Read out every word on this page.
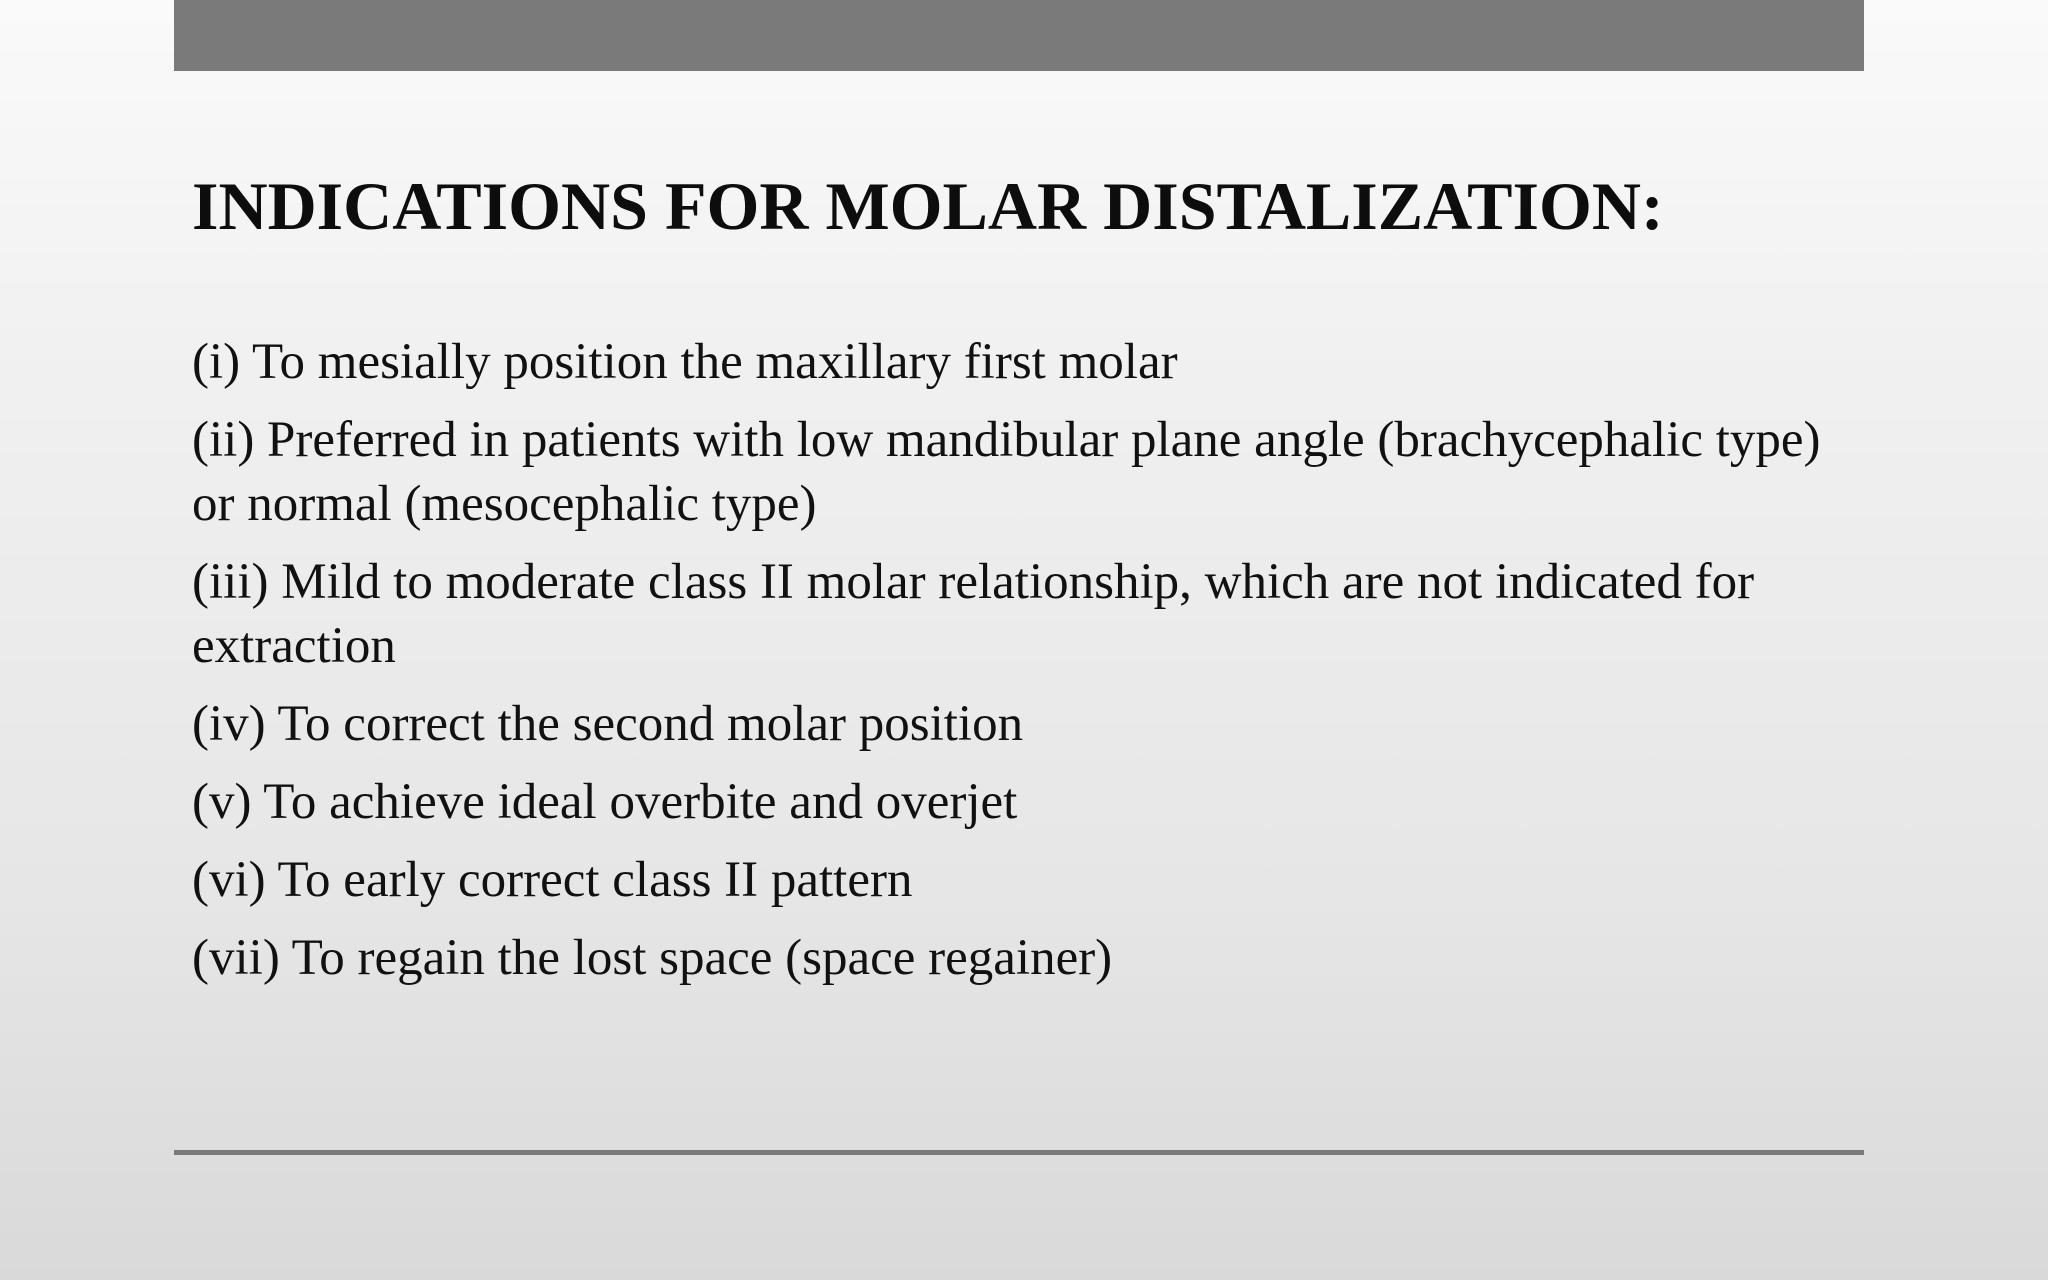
INDICATIONS FOR MOLAR DISTALIZATION:
(i) To mesially position the maxillary first molar
(ii) Preferred in patients with low mandibular plane angle (brachycephalic type) or normal (mesocephalic type)
(iii) Mild to moderate class II molar relationship, which are not indicated for extraction
(iv) To correct the second molar position
(v) To achieve ideal overbite and overjet
(vi) To early correct class II pattern
(vii) To regain the lost space (space regainer)
